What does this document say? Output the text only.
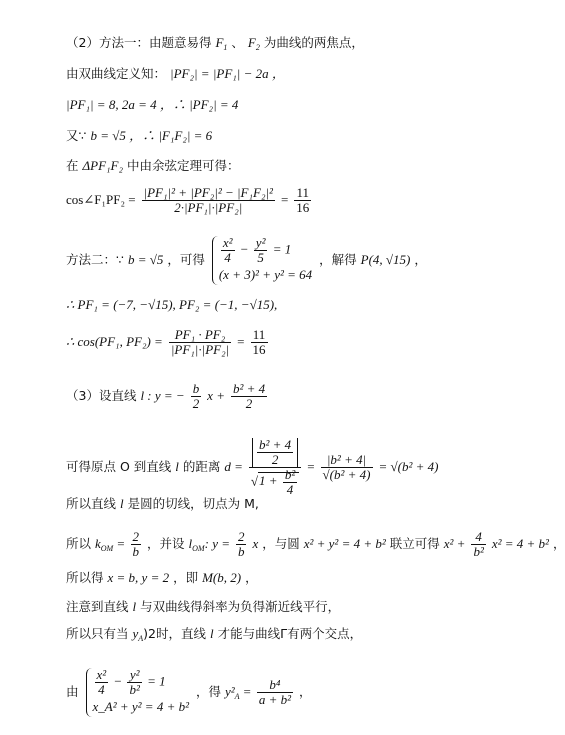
（2）方法一：由题意易得 $F_1$ 、 $F_2$ 为曲线的两焦点，
由双曲线定义知： |PF₂| = |PF₁| − 2a ，
|PF₁| = 8, 2a = 4 ，∴ |PF₂| = 4
又∵ b = √5 ，∴ |F₁F₂| = 6
在 ΔPF₁F₂ 中由余弦定理可得：
cos∠F₁PF₂ = $\frac{\text{|PF₁|² + |PF₂|² − |F₁F₂|²}}{\text{2·|PF₁|·|PF₂|}} = \frac{11}{16}$
方法二：∵ b = √5 ，可得 $\frac{\text{x²}}{4} - \frac{\text{y²}}{5} = 1$
(x + 3)² + y² = 64
，解得 P(4, √15) ，
∴ PF₁ = (−7, −√15), PF₂ = (−1, −√15),
∴ cos(PF₁, $PF_2) = \frac{\text{PF₁ · PF₂}}{\text{|PF₁|·|PF₂|}} = \frac{11}{16}$
（3）设直线 l : y = − $\frac{b}{2}$ $x + \frac{\text{b² + 4}}{2}$
可得原点 O 到直线 l 的距离 $d = \frac{\frac{\text{b² + 4}}{2}}{√1 + \frac{\text{b²}}{4}} = \frac{\text{|b² + 4|}}{\text{√(b² + 4)}} = √(b^2 + 4)$
所以直线 l 是圆的切线，切点为 M,
所以 $k_{OM} = \frac{2}{b}$ ，并设 $l_{OM}$: $y = \frac{2}{b}$ x ，与圆 x² + y² = 4 + b² 联立可得 $x^2 + \frac{4}{\text{b²}} x^2 = 4 + b^2$ ，
所以得 x = b, y = 2 ，即 M(b, 2) ，
注意到直线 l 与双曲线得斜率为负得渐近线平行，
所以只有当 $y_A)2$时，直线 l 才能与曲线Γ有两个交点，
由 $\frac{\text{x²}}{4} - \frac{\text{y²}}{\text{b²}} = 1$
x_A² + y² = 4 + b²
，得 $y^2_A = \frac{\text{b⁴}}{\text{a + b²}}$ ，
